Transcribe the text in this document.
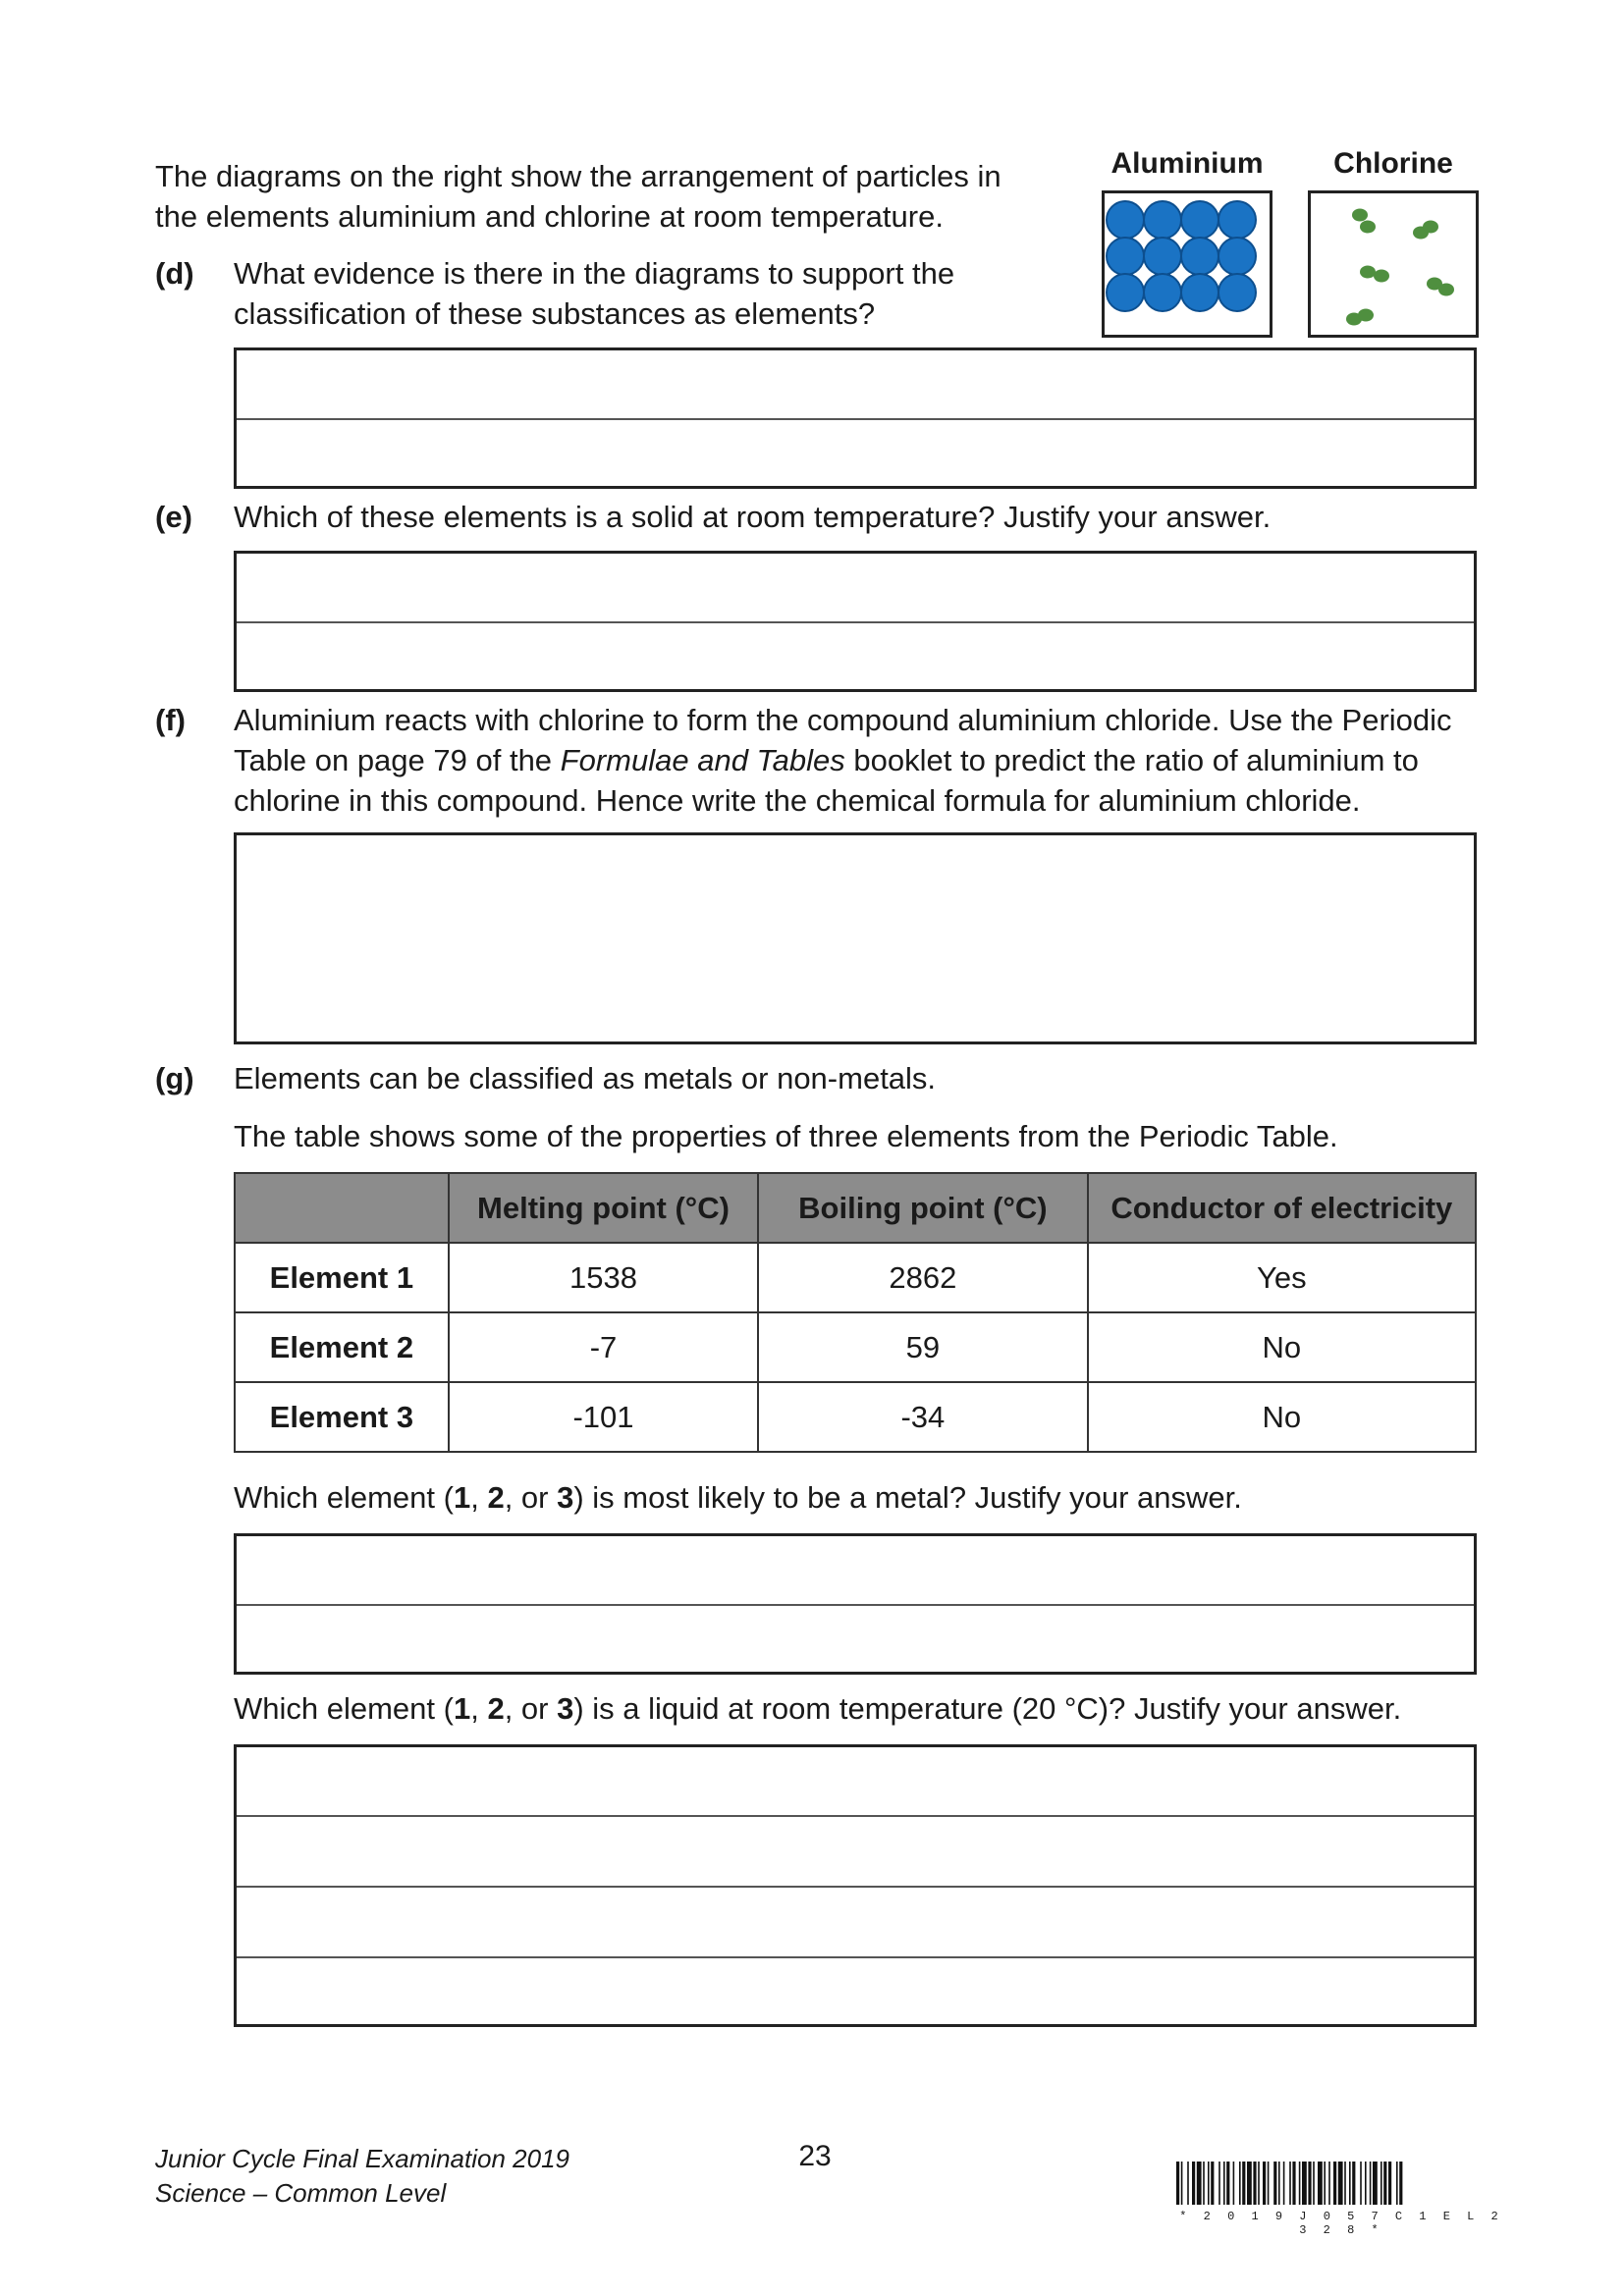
The diagrams on the right show the arrangement of particles in
the elements aluminium and chlorine at room temperature.
Aluminium	Chlorine
(d) What evidence is there in the diagrams to support the
classification of these substances as elements?
(e) Which of these elements is a solid at room temperature? Justify your answer.
(f) Aluminium reacts with chlorine to form the compound aluminium chloride. Use the Periodic
Table on page 79 of the Formulae and Tables booklet to predict the ratio of aluminium to
chlorine in this compound. Hence write the chemical formula for aluminium chloride.
(g) Elements can be classified as metals or non-metals.
The table shows some of the properties of three elements from the Periodic Table.
	Melting point (°C)	Boiling point (°C)	Conductor of electricity
Element 1	1538	2862	Yes
Element 2	-7	59	No
Element 3	-101	-34	No
Which element (1, 2, or 3) is most likely to be a metal? Justify your answer.
Which element (1, 2, or 3) is a liquid at room temperature (20 °C)? Justify your answer.
Junior Cycle Final Examination 2019
Science – Common Level
23
* 2 0 1 9 J 0 5 7 C 1 E L 2 3 2 8 *
